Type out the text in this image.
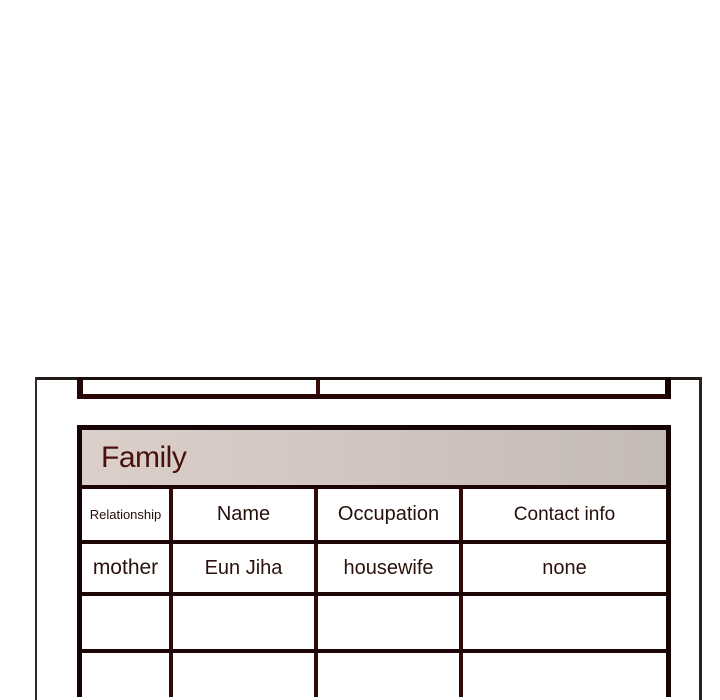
Family
Relationship	Name	Occupation	Contact info
mother	Eun Jiha	housewife	none
